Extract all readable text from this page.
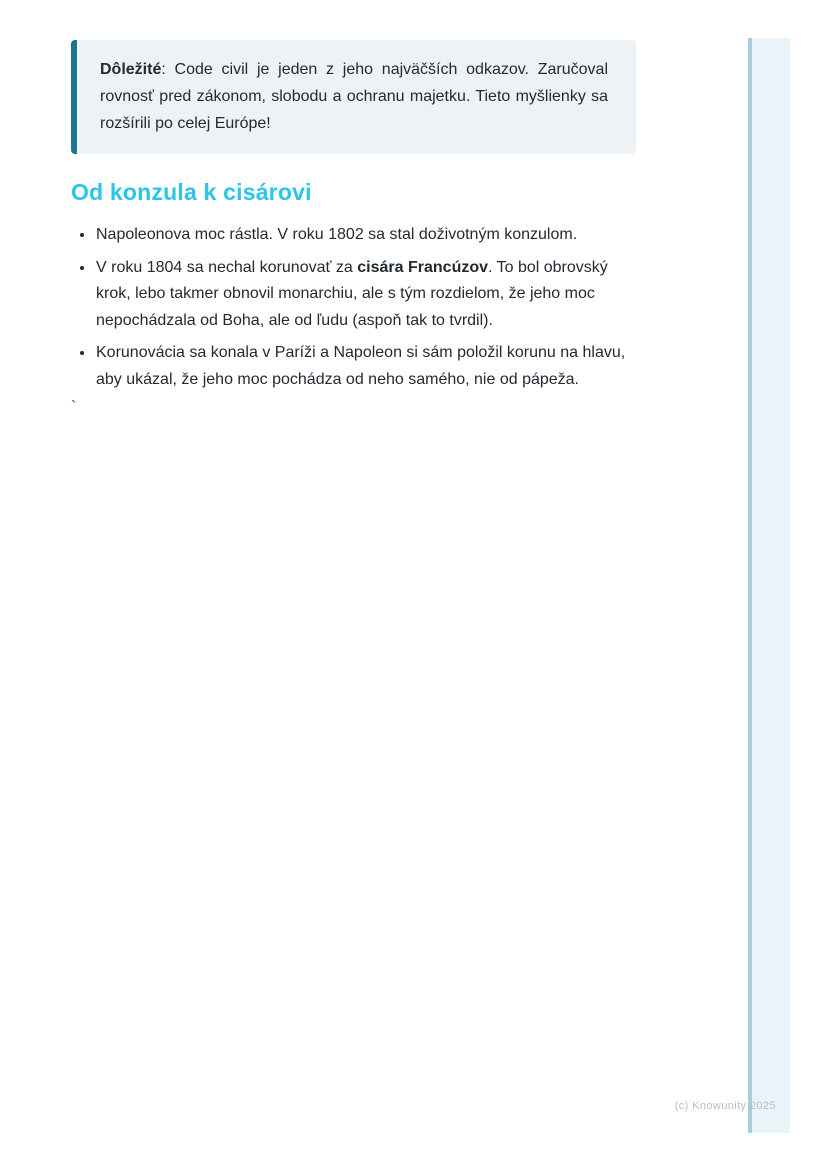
Dôležité: Code civil je jeden z jeho najväčších odkazov. Zaručoval rovnosť pred zákonom, slobodu a ochranu majetku. Tieto myšlienky sa rozšírili po celej Európe!

Od konzula k cisárovi
• Napoleonova moc rástla. V roku 1802 sa stal doživotným konzulom.
• V roku 1804 sa nechal korunovať za cisára Francúzov. To bol obrovský krok, lebo takmer obnovil monarchiu, ale s tým rozdielom, že jeho moc nepochádzala od Boha, ale od ľudu (aspoň tak to tvrdil).
• Korunovácia sa konala v Paríži a Napoleon si sám položil korunu na hlavu, aby ukázal, že jeho moc pochádza od neho samého, nie od pápeža.
`
(c) Knowunity 2025
